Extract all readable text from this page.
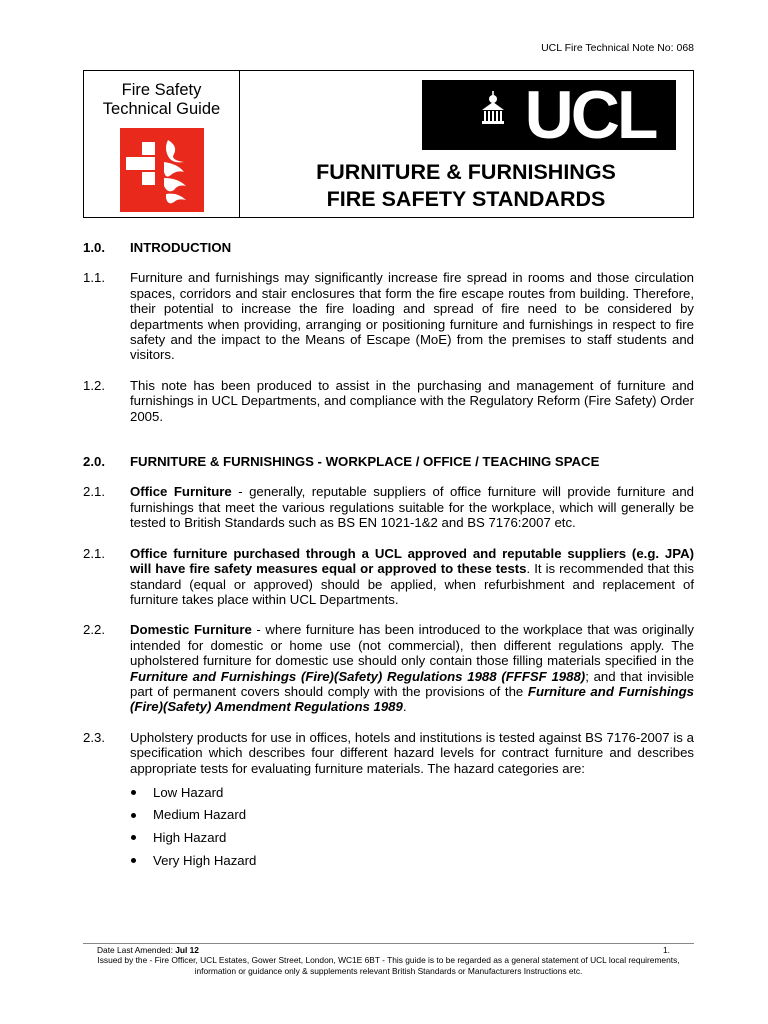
UCL Fire Technical Note No: 068
Fire Safety
Technical Guide	UCL
FURNITURE & FURNISHINGS
FIRE SAFETY STANDARDS
1.0.	INTRODUCTION
1.1.	Furniture and furnishings may significantly increase fire spread in rooms and those circulation spaces, corridors and stair enclosures that form the fire escape routes from building. Therefore, their potential to increase the fire loading and spread of fire need to be considered by departments when providing, arranging or positioning furniture and furnishings in respect to fire safety and the impact to the Means of Escape (MoE) from the premises to staff students and visitors.
1.2.	This note has been produced to assist in the purchasing and management of furniture and furnishings in UCL Departments, and compliance with the Regulatory Reform (Fire Safety) Order 2005.
2.0.	FURNITURE & FURNISHINGS - WORKPLACE / OFFICE / TEACHING SPACE
2.1.	Office Furniture - generally, reputable suppliers of office furniture will provide furniture and furnishings that meet the various regulations suitable for the workplace, which will generally be tested to British Standards such as BS EN 1021-1&2 and BS 7176:2007 etc.
2.1.	Office furniture purchased through a UCL approved and reputable suppliers (e.g. JPA) will have fire safety measures equal or approved to these tests. It is recommended that this standard (equal or approved) should be applied, when refurbishment and replacement of furniture takes place within UCL Departments.
2.2.	Domestic Furniture - where furniture has been introduced to the workplace that was originally intended for domestic or home use (not commercial), then different regulations apply. The upholstered furniture for domestic use should only contain those filling materials specified in the Furniture and Furnishings (Fire)(Safety) Regulations 1988 (FFFSF 1988); and that invisible part of permanent covers should comply with the provisions of the Furniture and Furnishings (Fire)(Safety) Amendment Regulations 1989.
2.3.	Upholstery products for use in offices, hotels and institutions is tested against BS 7176-2007 is a specification which describes four different hazard levels for contract furniture and describes appropriate tests for evaluating furniture materials. The hazard categories are:
Low Hazard
Medium Hazard
High Hazard
Very High Hazard
Date Last Amended: Jul 12	1.
Issued by the - Fire Officer, UCL Estates, Gower Street, London, WC1E 6BT - This guide is to be regarded as a general statement of UCL local requirements, information or guidance only & supplements relevant British Standards or Manufacturers Instructions etc.
